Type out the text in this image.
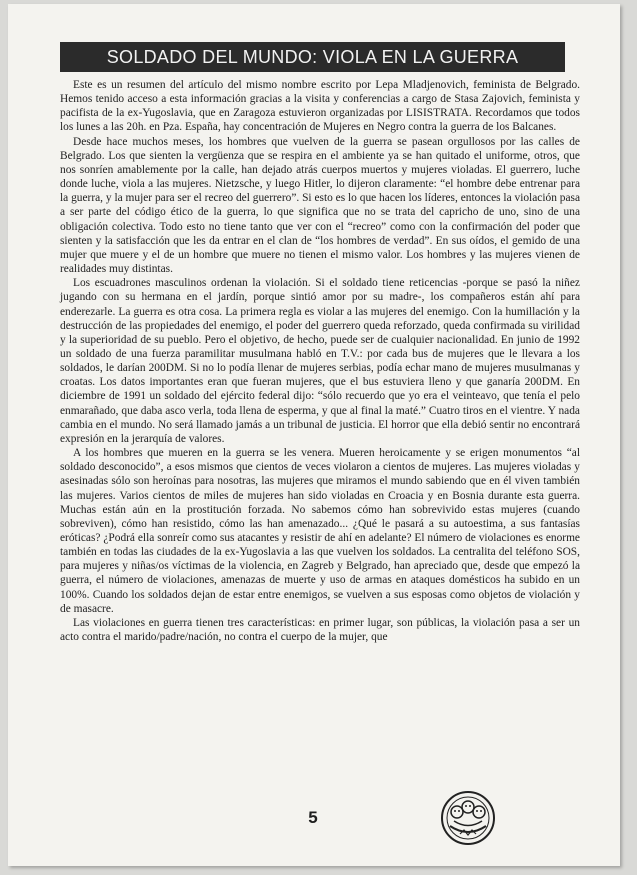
SOLDADO DEL MUNDO: VIOLA EN LA GUERRA

Este es un resumen del artículo del mismo nombre escrito por Lepa Mladjenovich, feminista de Belgrado. Hemos tenido acceso a esta información gracias a la visita y conferencias a cargo de Stasa Zajovich, feminista y pacifista de la ex-Yugoslavia, que en Zaragoza estuvieron organizadas por LISISTRATA. Recordamos que todos los lunes a las 20h. en Pza. España, hay concentración de Mujeres en Negro contra la guerra de los Balcanes.

Desde hace muchos meses, los hombres que vuelven de la guerra se pasean orgullosos por las calles de Belgrado. Los que sienten la vergüenza que se respira en el ambiente ya se han quitado el uniforme, otros, que nos sonríen amablemente por la calle, han dejado atrás cuerpos muertos y mujeres violadas. El guerrero, luche donde luche, viola a las mujeres. Nietzsche, y luego Hitler, lo dijeron claramente: “el hombre debe entrenar para la guerra, y la mujer para ser el recreo del guerrero”. Si esto es lo que hacen los líderes, entonces la violación pasa a ser parte del código ético de la guerra, lo que significa que no se trata del capricho de uno, sino de una obligación colectiva. Todo esto no tiene tanto que ver con el “recreo” como con la confirmación del poder que sienten y la satisfacción que les da entrar en el clan de “los hombres de verdad”. En sus oídos, el gemido de una mujer que muere y el de un hombre que muere no tienen el mismo valor. Los hombres y las mujeres vienen de realidades muy distintas.

Los escuadrones masculinos ordenan la violación. Si el soldado tiene reticencias -porque se pasó la niñez jugando con su hermana en el jardín, porque sintió amor por su madre-, los compañeros están ahí para enderezarle. La guerra es otra cosa. La primera regla es violar a las mujeres del enemigo. Con la humillación y la destrucción de las propiedades del enemigo, el poder del guerrero queda reforzado, queda confirmada su virilidad y la superioridad de su pueblo. Pero el objetivo, de hecho, puede ser de cualquier nacionalidad. En junio de 1992 un soldado de una fuerza paramilitar musulmana habló en T.V.: por cada bus de mujeres que le llevara a los soldados, le darían 200DM. Si no lo podía llenar de mujeres serbias, podía echar mano de mujeres musulmanas y croatas. Los datos importantes eran que fueran mujeres, que el bus estuviera lleno y que ganaría 200DM. En diciembre de 1991 un soldado del ejército federal dijo: “sólo recuerdo que yo era el veinteavo, que tenía el pelo enmarañado, que daba asco verla, toda llena de esperma, y que al final la maté.” Cuatro tiros en el vientre. Y nada cambia en el mundo. No será llamado jamás a un tribunal de justicia. El horror que ella debió sentir no encontrará expresión en la jerarquía de valores.

A los hombres que mueren en la guerra se les venera. Mueren heroicamente y se erigen monumentos “al soldado desconocido”, a esos mismos que cientos de veces violaron a cientos de mujeres. Las mujeres violadas y asesinadas sólo son heroínas para nosotras, las mujeres que miramos el mundo sabiendo que en él viven también las mujeres. Varios cientos de miles de mujeres han sido violadas en Croacia y en Bosnia durante esta guerra. Muchas están aún en la prostitución forzada. No sabemos cómo han sobrevivido estas mujeres (cuando sobreviven), cómo han resistido, cómo las han amenazado... ¿Qué le pasará a su autoestima, a sus fantasías eróticas? ¿Podrá ella sonreír como sus atacantes y resistir de ahí en adelante? El número de violaciones es enorme también en todas las ciudades de la ex-Yugoslavia a las que vuelven los soldados. La centralita del teléfono SOS, para mujeres y niñas/os víctimas de la violencia, en Zagreb y Belgrado, han apreciado que, desde que empezó la guerra, el número de violaciones, amenazas de muerte y uso de armas en ataques domésticos ha subido en un 100%. Cuando los soldados dejan de estar entre enemigos, se vuelven a sus esposas como objetos de violación y de masacre.

Las violaciones en guerra tienen tres características: en primer lugar, son públicas, la violación pasa a ser un acto contra el marido/padre/nación, no contra el cuerpo de la mujer, que

5
